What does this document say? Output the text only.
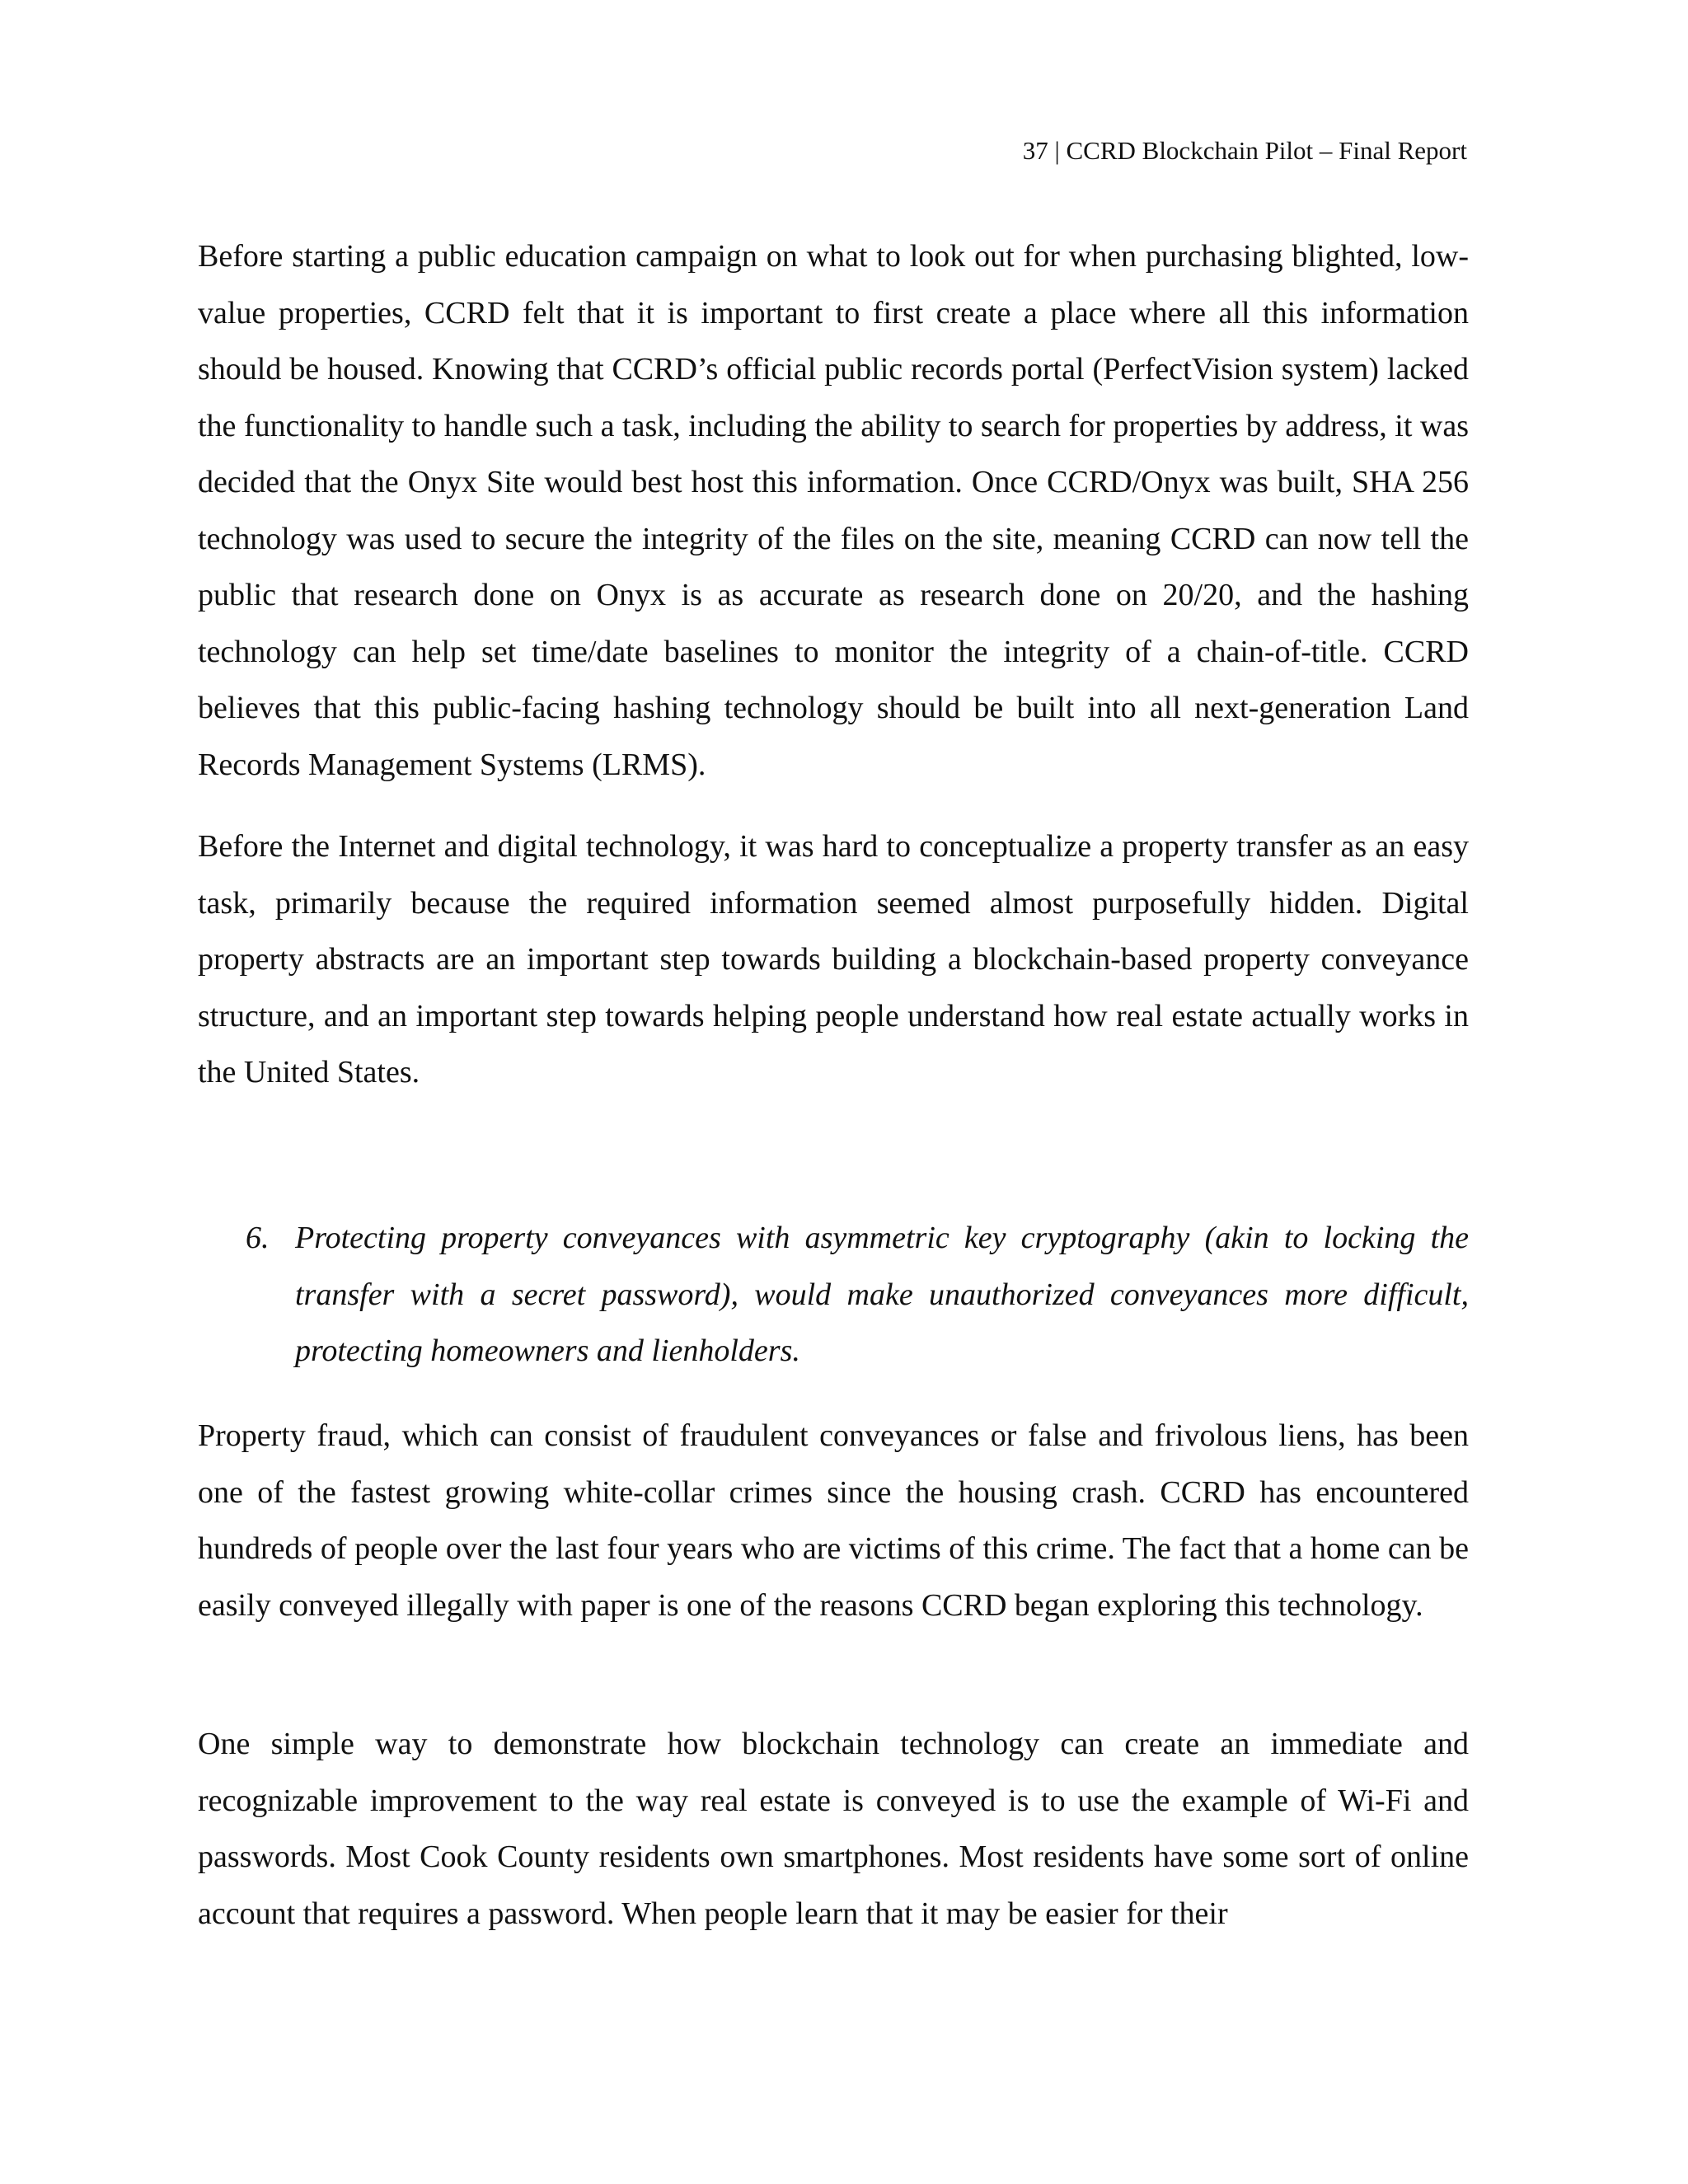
37 | CCRD Blockchain Pilot – Final Report

Before starting a public education campaign on what to look out for when purchasing blighted, low-value properties, CCRD felt that it is important to first create a place where all this information should be housed. Knowing that CCRD’s official public records portal (PerfectVision system) lacked the functionality to handle such a task, including the ability to search for properties by address, it was decided that the Onyx Site would best host this information. Once CCRD/Onyx was built, SHA 256 technology was used to secure the integrity of the files on the site, meaning CCRD can now tell the public that research done on Onyx is as accurate as research done on 20/20, and the hashing technology can help set time/date baselines to monitor the integrity of a chain-of-title. CCRD believes that this public-facing hashing technology should be built into all next-generation Land Records Management Systems (LRMS).

Before the Internet and digital technology, it was hard to conceptualize a property transfer as an easy task, primarily because the required information seemed almost purposefully hidden. Digital property abstracts are an important step towards building a blockchain-based property conveyance structure, and an important step towards helping people understand how real estate actually works in the United States.

6. Protecting property conveyances with asymmetric key cryptography (akin to locking the transfer with a secret password), would make unauthorized conveyances more difficult, protecting homeowners and lienholders.

Property fraud, which can consist of fraudulent conveyances or false and frivolous liens, has been one of the fastest growing white-collar crimes since the housing crash. CCRD has encountered hundreds of people over the last four years who are victims of this crime. The fact that a home can be easily conveyed illegally with paper is one of the reasons CCRD began exploring this technology.

One simple way to demonstrate how blockchain technology can create an immediate and recognizable improvement to the way real estate is conveyed is to use the example of Wi-Fi and passwords. Most Cook County residents own smartphones. Most residents have some sort of online account that requires a password. When people learn that it may be easier for their
